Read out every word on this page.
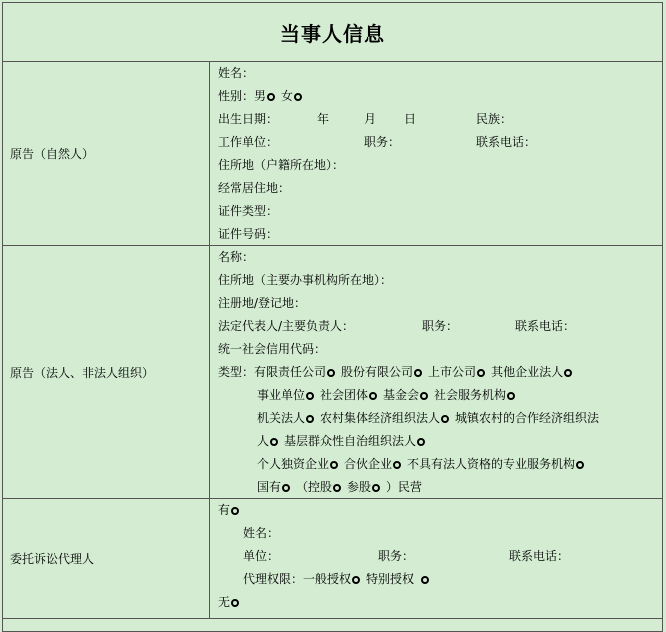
当事人信息
原告（自然人）
姓名：
性别：男 女
出生日期：	年	月 日	民族：
工作单位：	职务：	联系电话：
住所地（户籍所在地）：
经常居住地：
证件类型：
证件号码：
原告（法人、非法人组织）
名称：
住所地（主要办事机构所在地）：
注册地/登记地：
法定代表人/主要负责人：	职务：	联系电话：
统一社会信用代码：
类型：有限责任公司 股份有限公司 上市公司 其他企业法人
事业单位 社会团体 基金会 社会服务机构
机关法人 农村集体经济组织法人 城镇农村的合作经济组织法
人 基层群众性自治组织法人
个人独资企业 合伙企业 不具有法人资格的专业服务机构
国有 （控股 参股 ）民营
委托诉讼代理人
有
姓名：
单位：	职务：	联系电话：
代理权限：一般授权 特别授权
无
